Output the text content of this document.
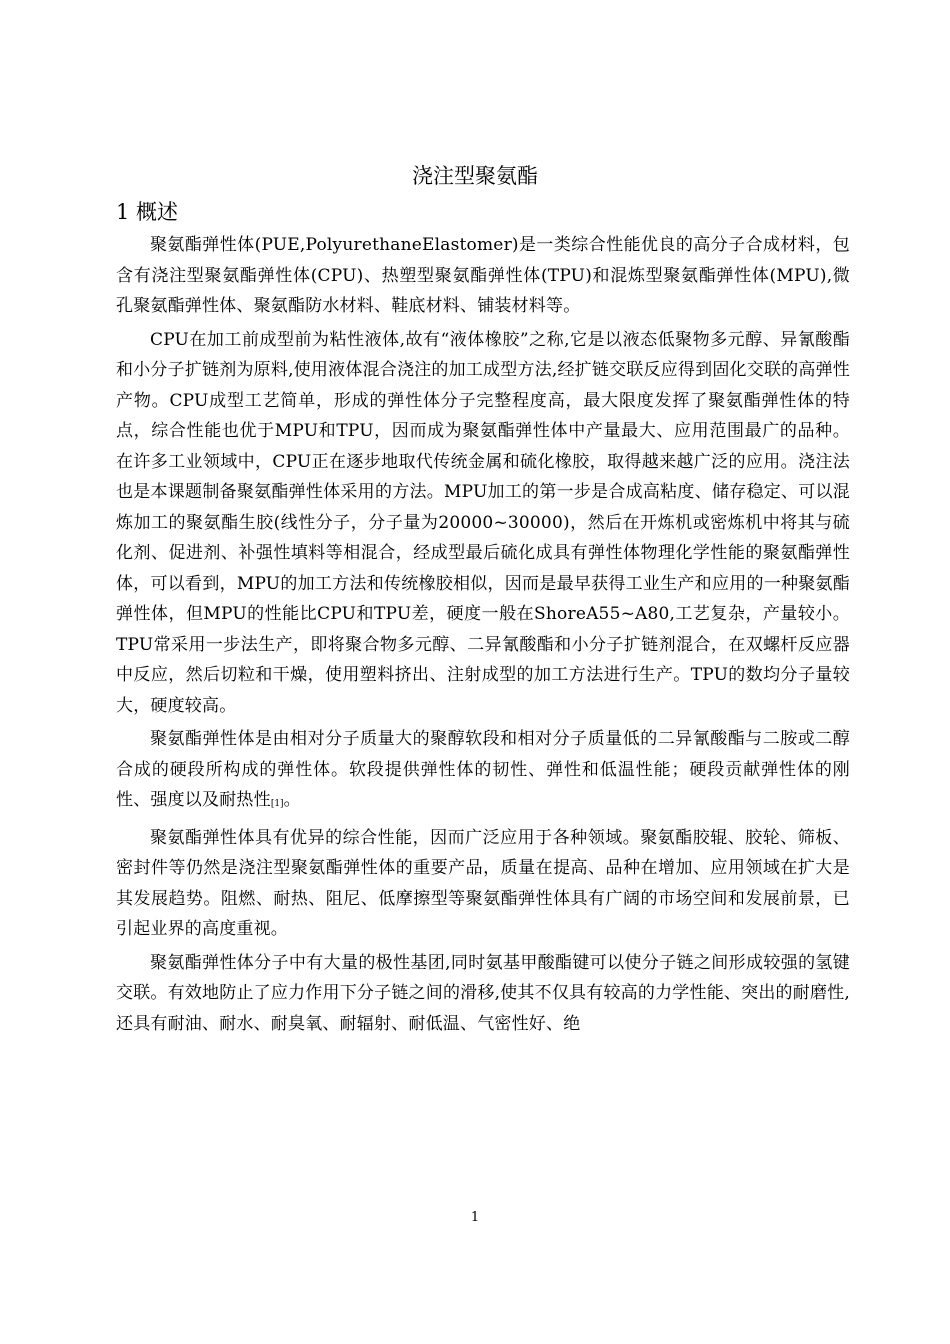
浇注型聚氨酯
1 概述

聚氨酯弹性体(PUE,PolyurethaneElastomer)是一类综合性能优良的高分子合成材料，包含有浇注型聚氨酯弹性体(CPU)、热塑型聚氨酯弹性体(TPU)和混炼型聚氨酯弹性体(MPU),微孔聚氨酯弹性体、聚氨酯防水材料、鞋底材料、铺装材料等。

CPU在加工前成型前为粘性液体,故有“液体橡胶”之称,它是以液态低聚物多元醇、异氰酸酯和小分子扩链剂为原料,使用液体混合浇注的加工成型方法,经扩链交联反应得到固化交联的高弹性产物。CPU成型工艺简单，形成的弹性体分子完整程度高，最大限度发挥了聚氨酯弹性体的特点，综合性能也优于MPU和TPU，因而成为聚氨酯弹性体中产量最大、应用范围最广的品种。在许多工业领域中，CPU正在逐步地取代传统金属和硫化橡胶，取得越来越广泛的应用。浇注法也是本课题制备聚氨酯弹性体采用的方法。MPU加工的第一步是合成高粘度、储存稳定、可以混炼加工的聚氨酯生胶(线性分子，分子量为20000~30000)，然后在开炼机或密炼机中将其与硫化剂、促进剂、补强性填料等相混合，经成型最后硫化成具有弹性体物理化学性能的聚氨酯弹性体，可以看到，MPU的加工方法和传统橡胶相似，因而是最早获得工业生产和应用的一种聚氨酯弹性体，但MPU的性能比CPU和TPU差，硬度一般在ShoreA55~A80,工艺复杂，产量较小。TPU常采用一步法生产，即将聚合物多元醇、二异氰酸酯和小分子扩链剂混合，在双螺杆反应器中反应，然后切粒和干燥，使用塑料挤出、注射成型的加工方法进行生产。TPU的数均分子量较大，硬度较高。

聚氨酯弹性体是由相对分子质量大的聚醇软段和相对分子质量低的二异氰酸酯与二胺或二醇合成的硬段所构成的弹性体。软段提供弹性体的韧性、弹性和低温性能；硬段贡献弹性体的刚性、强度以及耐热性[1]。

聚氨酯弹性体具有优异的综合性能，因而广泛应用于各种领域。聚氨酯胶辊、胶轮、筛板、密封件等仍然是浇注型聚氨酯弹性体的重要产品，质量在提高、品种在增加、应用领域在扩大是其发展趋势。阻燃、耐热、阻尼、低摩擦型等聚氨酯弹性体具有广阔的市场空间和发展前景，已引起业界的高度重视。

聚氨酯弹性体分子中有大量的极性基团,同时氨基甲酸酯键可以使分子链之间形成较强的氢键交联。有效地防止了应力作用下分子链之间的滑移,使其不仅具有较高的力学性能、突出的耐磨性,还具有耐油、耐水、耐臭氧、耐辐射、耐低温、气密性好、绝

1
